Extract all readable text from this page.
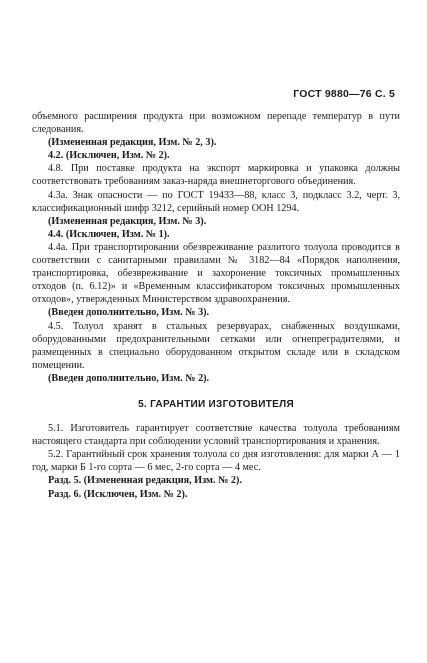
ГОСТ 9880—76 С. 5

объемного расширения продукта при возможном перепаде температур в пути следования.

(Измененная редакция, Изм. № 2, 3).

4.2. (Исключен, Изм. № 2).

4.8. При поставке продукта на экспорт маркировка и упаковка должны соответствовать требованиям заказ-наряда внешнеторгового объединения.

4.3а. Знак опасности — по ГОСТ 19433—88, класс 3, подкласс 3.2, черт. 3, классификационный шифр 3212, серийный номер ООН 1294.

(Измененная редакция, Изм. № 3).

4.4. (Исключен, Изм. № 1).

4.4а. При транспортировании обезвреживание разлитого толуола проводится в соответствии с санитарными правилами № 3182—84 «Порядок наполнения, транспортировка, обезвреживание и захоронение токсичных промышленных отходов (п. 6.12)» и «Временным классификатором токсичных промышленных отходов», утвержденных Министерством здравоохранения.

(Введен дополнительно, Изм. № 3).

4.5. Толуол хранят в стальных резервуарах, снабженных воздушками, оборудованными предохранительными сетками или огнепреградителями, и размещенных в специально оборудованном открытом складе или в складском помещении.

(Введен дополнительно, Изм. № 2).

5. ГАРАНТИИ ИЗГОТОВИТЕЛЯ

5.1. Изготовитель гарантирует соответствие качества толуола требованиям настоящего стандарта при соблюдении условий транспортирования и хранения.

5.2. Гарантийный срок хранения толуола со дня изготовления: для марки А — 1 год, марки Б 1-го сорта — 6 мес, 2-го сорта — 4 мес.

Разд. 5. (Измененная редакция, Изм. № 2).

Разд. 6. (Исключен, Изм. № 2).
